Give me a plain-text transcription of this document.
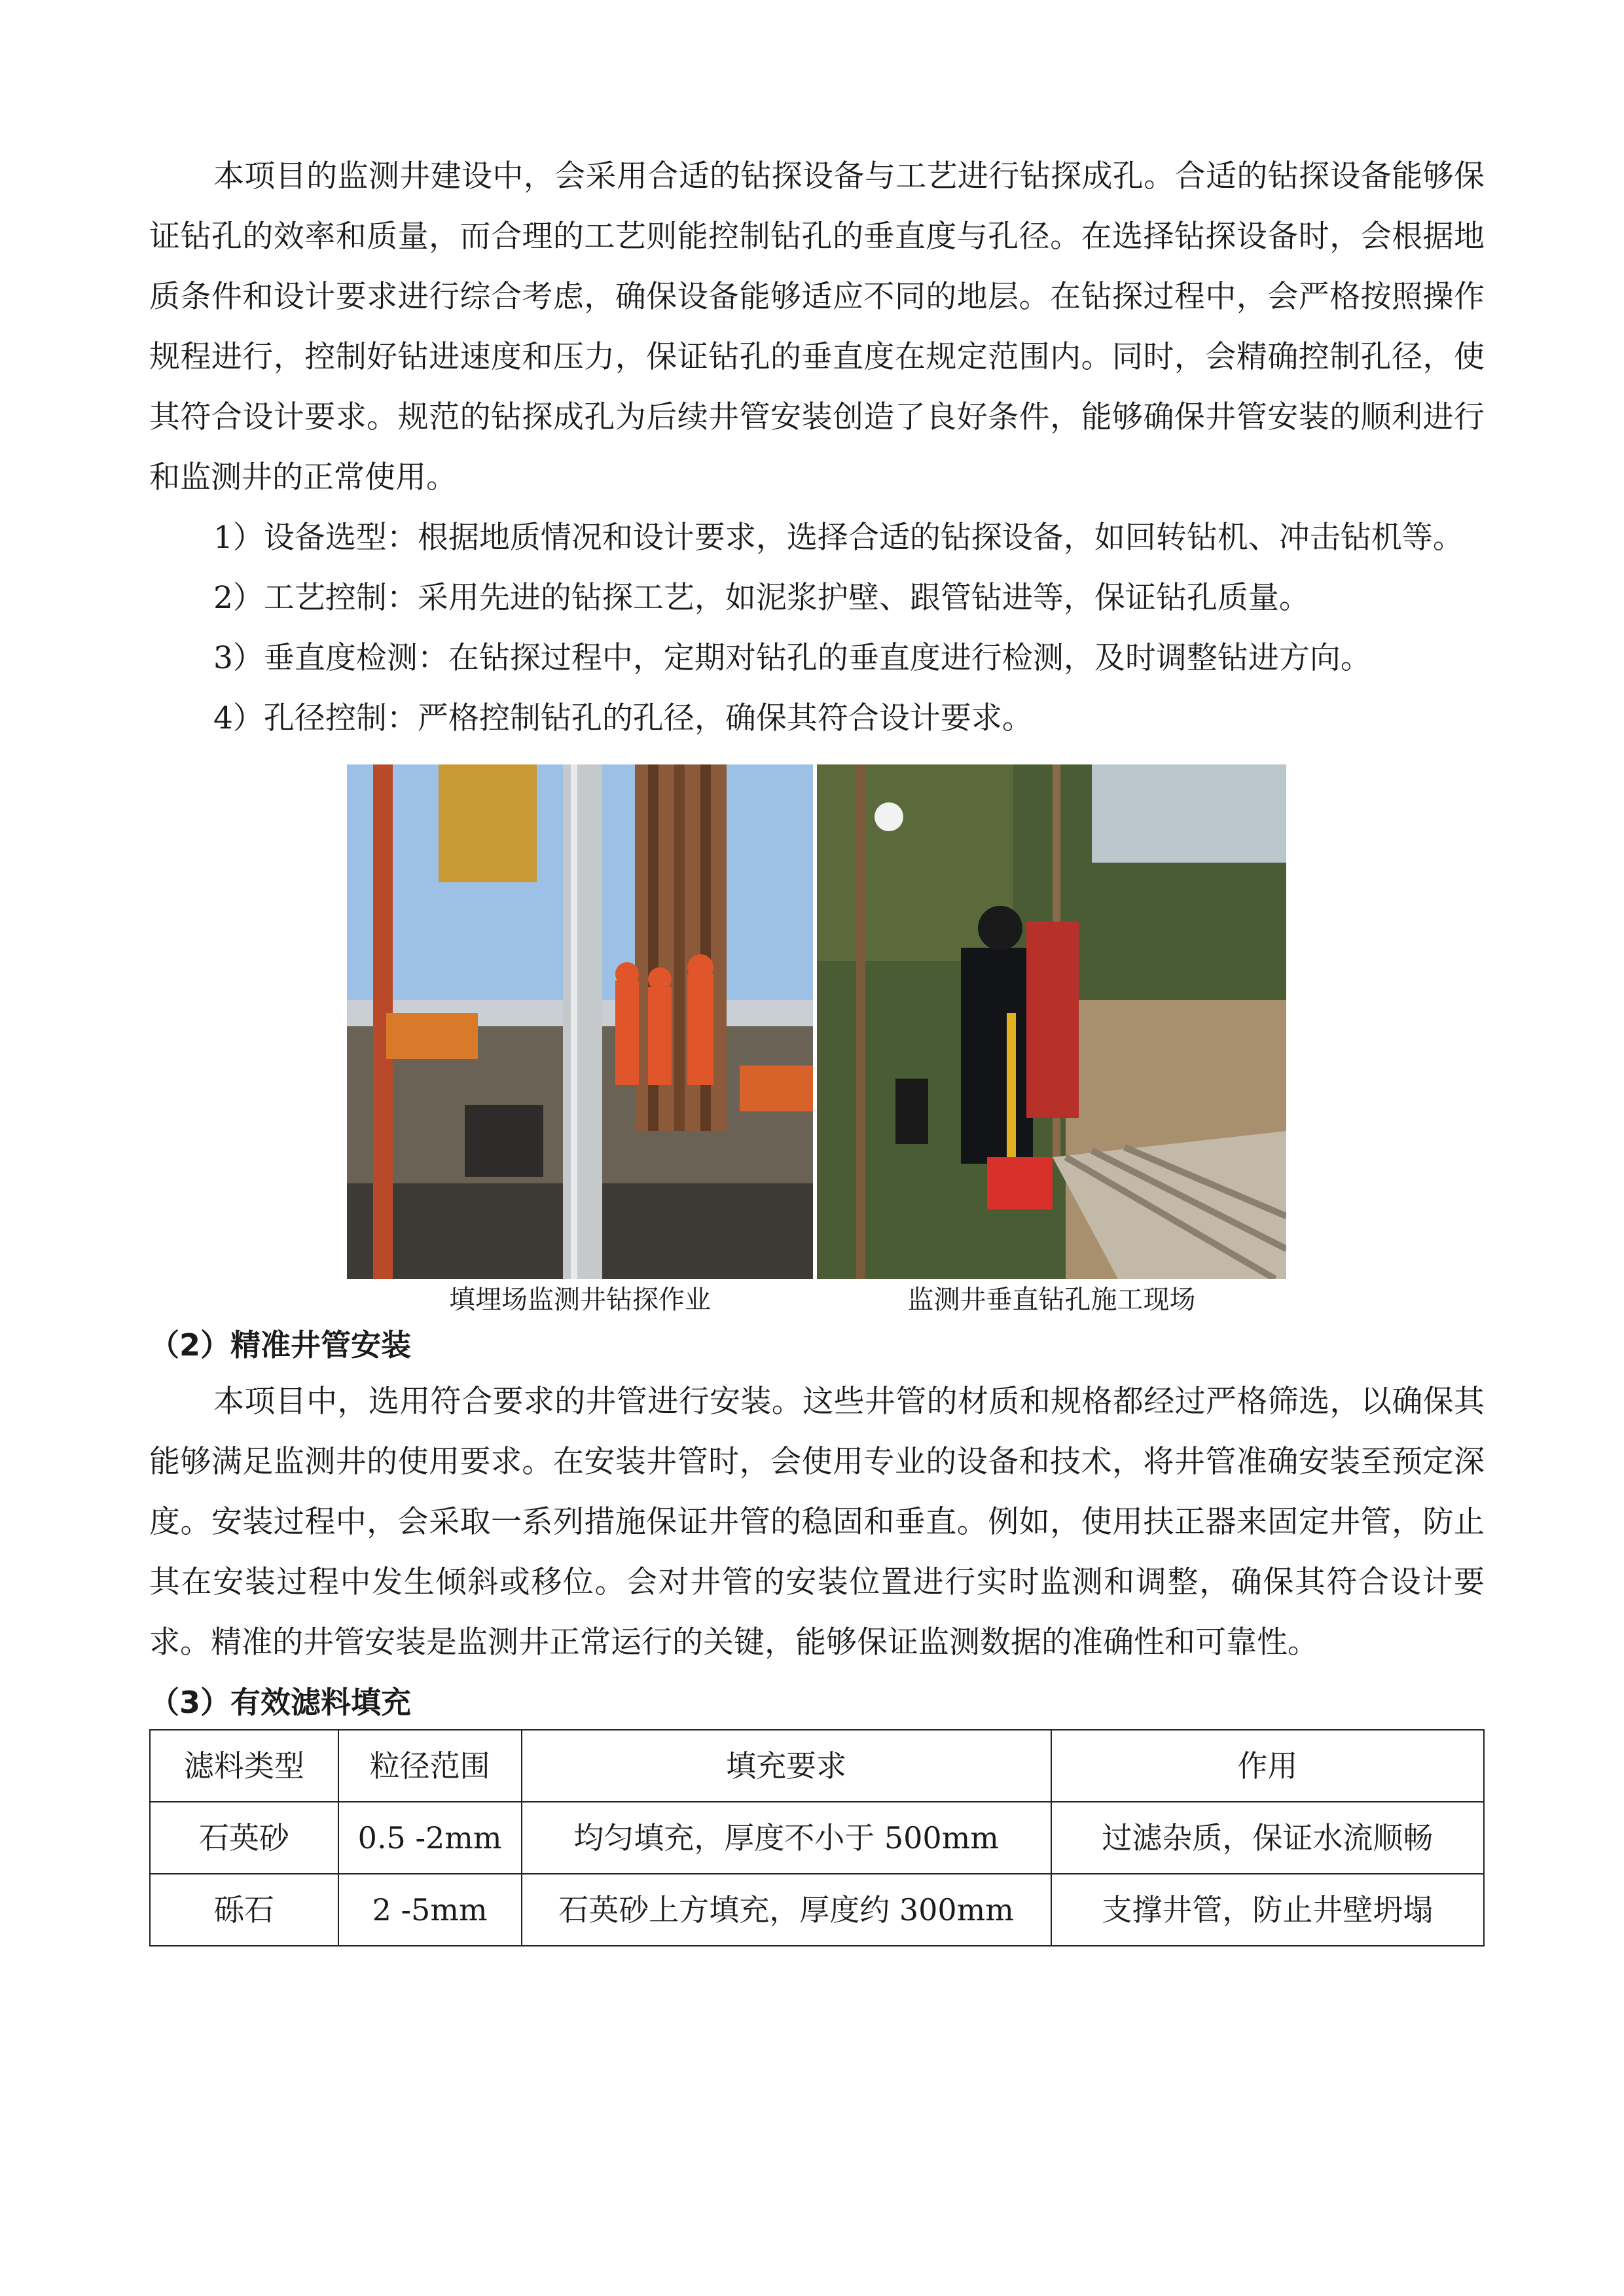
本项目的监测井建设中，会采用合适的钻探设备与工艺进行钻探成孔。合适的钻探设备能够保证钻孔的效率和质量，而合理的工艺则能控制钻孔的垂直度与孔径。在选择钻探设备时，会根据地质条件和设计要求进行综合考虑，确保设备能够适应不同的地层。在钻探过程中，会严格按照操作规程进行，控制好钻进速度和压力，保证钻孔的垂直度在规定范围内。同时，会精确控制孔径，使其符合设计要求。规范的钻探成孔为后续井管安装创造了良好条件，能够确保井管安装的顺利进行和监测井的正常使用。

1）设备选型：根据地质情况和设计要求，选择合适的钻探设备，如回转钻机、冲击钻机等。

2）工艺控制：采用先进的钻探工艺，如泥浆护壁、跟管钻进等，保证钻孔质量。

3）垂直度检测：在钻探过程中，定期对钻孔的垂直度进行检测，及时调整钻进方向。

4）孔径控制：严格控制钻孔的孔径，确保其符合设计要求。

填埋场监测井钻探作业	监测井垂直钻孔施工现场

（2）精准井管安装

本项目中，选用符合要求的井管进行安装。这些井管的材质和规格都经过严格筛选，以确保其能够满足监测井的使用要求。在安装井管时，会使用专业的设备和技术，将井管准确安装至预定深度。安装过程中，会采取一系列措施保证井管的稳固和垂直。例如，使用扶正器来固定井管，防止其在安装过程中发生倾斜或移位。会对井管的安装位置进行实时监测和调整，确保其符合设计要求。精准的井管安装是监测井正常运行的关键，能够保证监测数据的准确性和可靠性。

（3）有效滤料填充

滤料类型	粒径范围	填充要求	作用
石英砂	0.5 -2mm	均匀填充，厚度不小于 500mm	过滤杂质，保证水流顺畅
砾石	2 -5mm	石英砂上方填充，厚度约 300mm	支撑井管，防止井壁坍塌
